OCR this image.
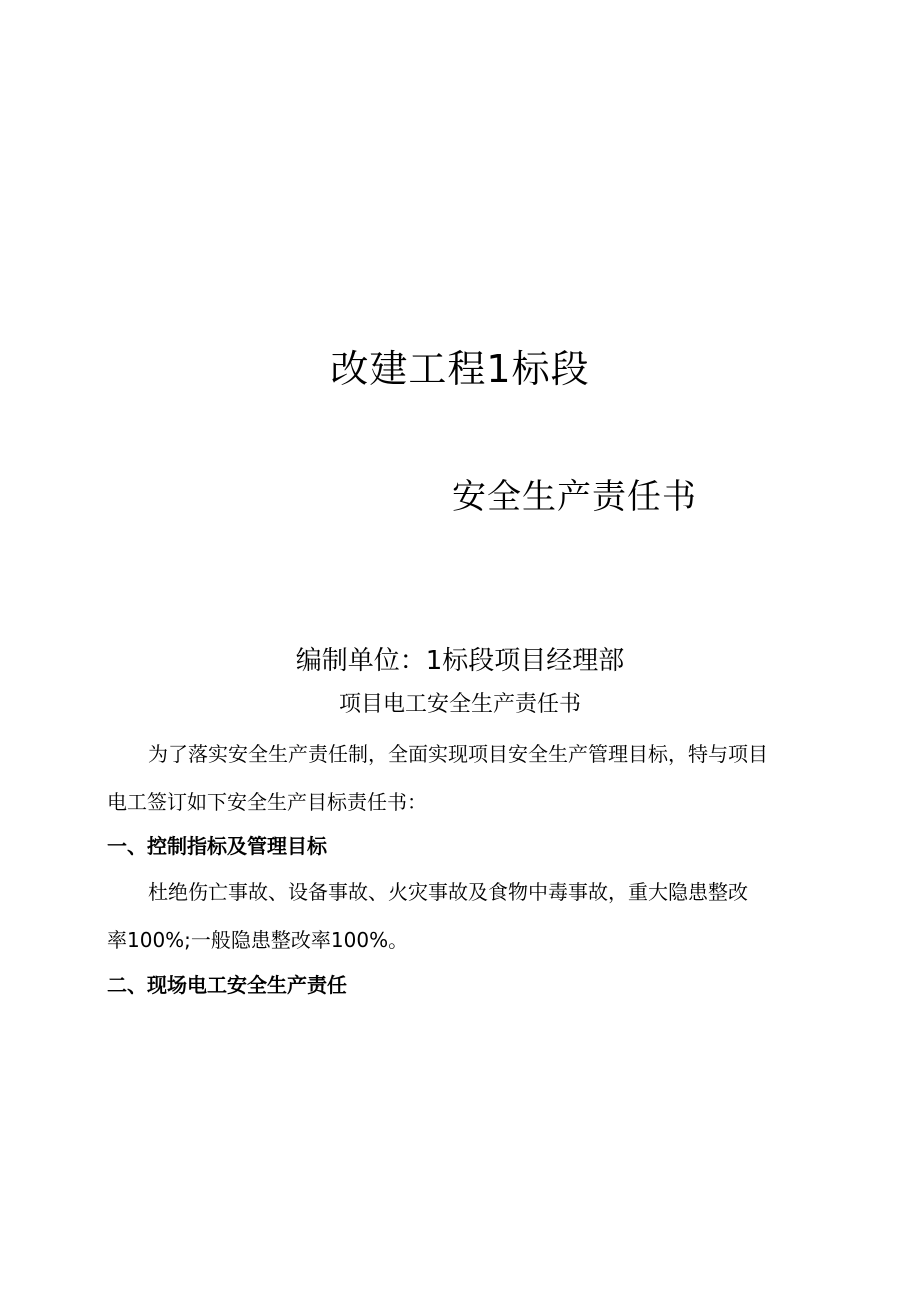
改建工程1标段
安全生产责任书
编制单位：1标段项目经理部
项目电工安全生产责任书
为了落实安全生产责任制，全面实现项目安全生产管理目标，特与项目
电工签订如下安全生产目标责任书：
一、控制指标及管理目标
杜绝伤亡事故、设备事故、火灾事故及食物中毒事故，重大隐患整改
率100%;一般隐患整改率100%。
二、现场电工安全生产责任
